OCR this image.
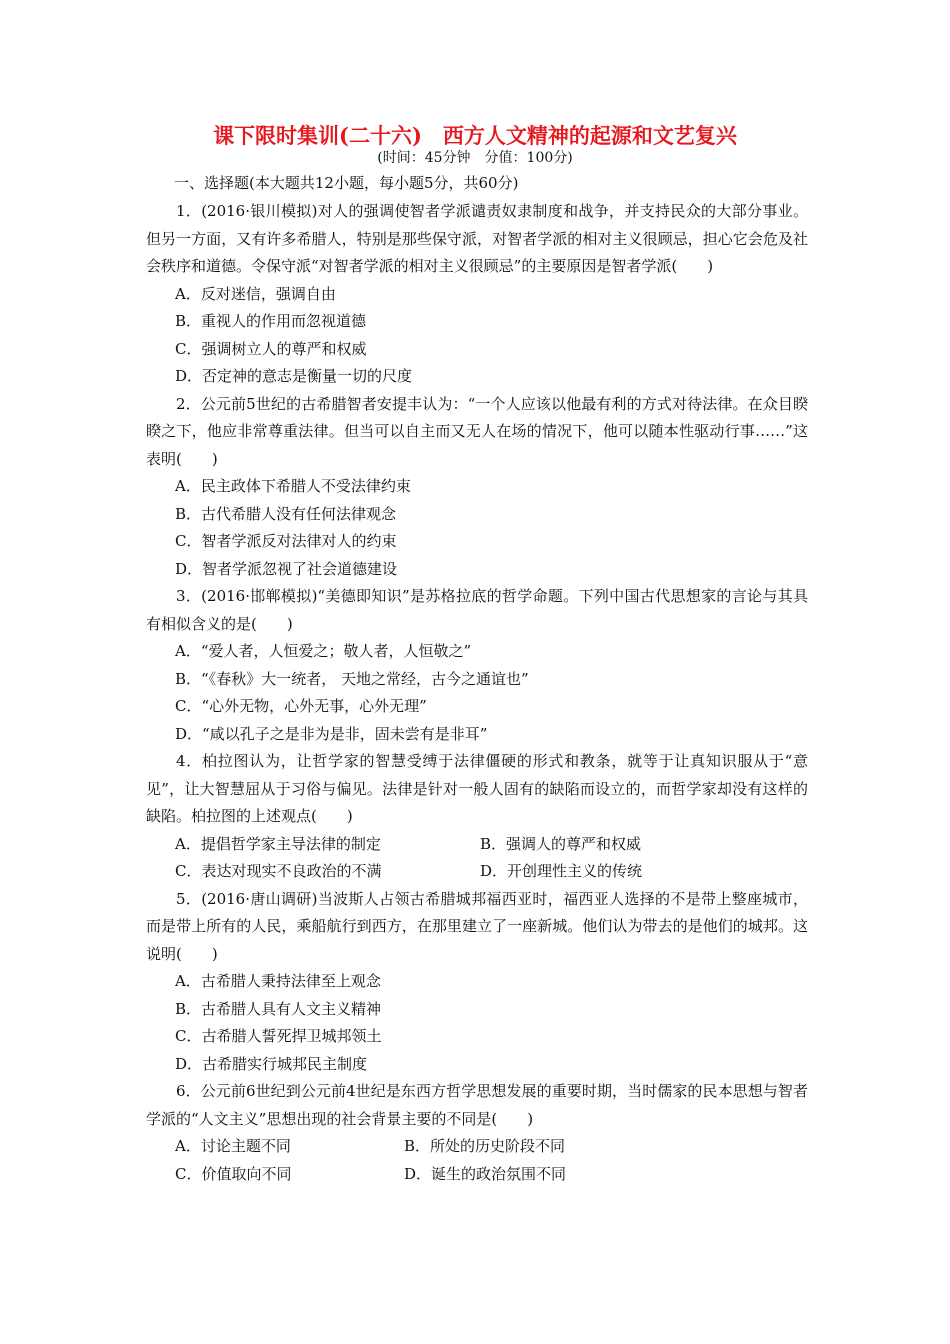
课下限时集训(二十六)　西方人文精神的起源和文艺复兴
(时间：45分钟　分值：100分)
一、选择题(本大题共12小题，每小题5分，共60分)

1．(2016·银川模拟)对人的强调使智者学派谴责奴隶制度和战争，并支持民众的大部分事业。但另一方面，又有许多希腊人，特别是那些保守派，对智者学派的相对主义很顾忌，担心它会危及社会秩序和道德。令保守派“对智者学派的相对主义很顾忌”的主要原因是智者学派(　　)

A．反对迷信，强调自由
B．重视人的作用而忽视道德
C．强调树立人的尊严和权威
D．否定神的意志是衡量一切的尺度

2．公元前5世纪的古希腊智者安提丰认为：“一个人应该以他最有利的方式对待法律。在众目睽睽之下，他应非常尊重法律。但当可以自主而又无人在场的情况下，他可以随本性驱动行事……”这表明(　　)

A．民主政体下希腊人不受法律约束
B．古代希腊人没有任何法律观念
C．智者学派反对法律对人的约束
D．智者学派忽视了社会道德建设

3．(2016·邯郸模拟)“美德即知识”是苏格拉底的哲学命题。下列中国古代思想家的言论与其具有相似含义的是(　　)

A．“爱人者，人恒爱之；敬人者，人恒敬之”
B．“《春秋》大一统者， 天地之常经，古今之通谊也”
C．“心外无物，心外无事，心外无理”
D．“咸以孔子之是非为是非，固未尝有是非耳”

4．柏拉图认为，让哲学家的智慧受缚于法律僵硬的形式和教条，就等于让真知识服从于“意见”，让大智慧屈从于习俗与偏见。法律是针对一般人固有的缺陷而设立的，而哲学家却没有这样的缺陷。柏拉图的上述观点(　　)

A．提倡哲学家主导法律的制定	B．强调人的尊严和权威
C．表达对现实不良政治的不满	D．开创理性主义的传统

5．(2016·唐山调研)当波斯人占领古希腊城邦福西亚时，福西亚人选择的不是带上整座城市，而是带上所有的人民，乘船航行到西方，在那里建立了一座新城。他们认为带去的是他们的城邦。这说明(　　)

A．古希腊人秉持法律至上观念
B．古希腊人具有人文主义精神
C．古希腊人誓死捍卫城邦领土
D．古希腊实行城邦民主制度

6．公元前6世纪到公元前4世纪是东西方哲学思想发展的重要时期，当时儒家的民本思想与智者学派的“人文主义”思想出现的社会背景主要的不同是(　　)

A．讨论主题不同	B．所处的历史阶段不同
C．价值取向不同	D．诞生的政治氛围不同
